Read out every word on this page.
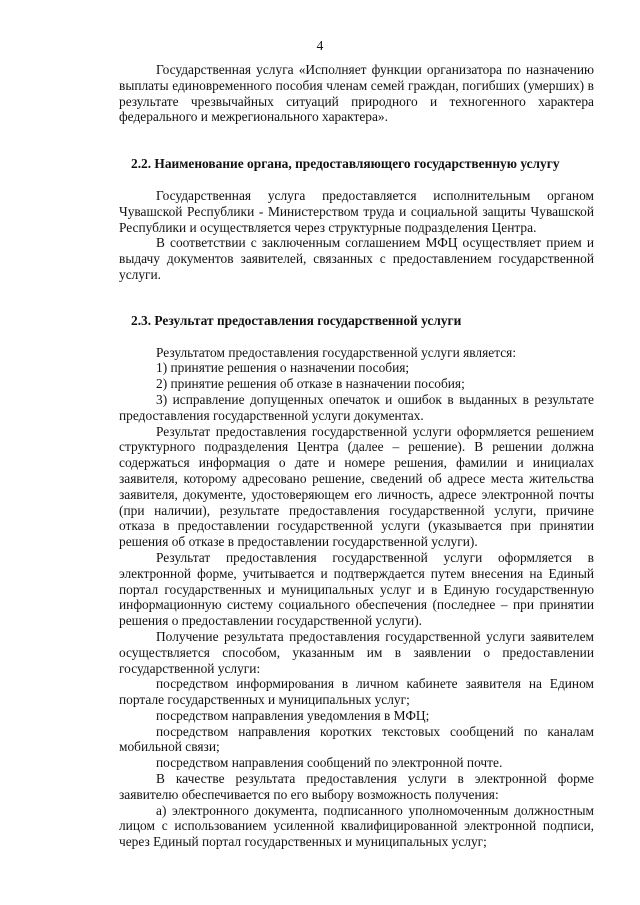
4

Государственная услуга «Исполняет функции организатора по назначению выплаты единовременного пособия членам семей граждан, погибших (умерших) в результате чрезвычайных ситуаций природного и техногенного характера федерального и межрегионального характера».

2.2. Наименование органа, предоставляющего государственную услугу

Государственная услуга предоставляется исполнительным органом Чувашской Республики - Министерством труда и социальной защиты Чувашской Республики и осуществляется через структурные подразделения Центра.

В соответствии с заключенным соглашением МФЦ осуществляет прием и выдачу документов заявителей, связанных с предоставлением государственной услуги.

2.3. Результат предоставления государственной услуги

Результатом предоставления государственной услуги является:

1) принятие решения о назначении пособия;

2) принятие решения об отказе в назначении пособия;

3) исправление допущенных опечаток и ошибок в выданных в результате предоставления государственной услуги документах.

Результат предоставления государственной услуги оформляется решением структурного подразделения Центра (далее – решение). В решении должна содержаться информация о дате и номере решения, фамилии и инициалах заявителя, которому адресовано решение, сведений об адресе места жительства заявителя, документе, удостоверяющем его личность, адресе электронной почты (при наличии), результате предоставления государственной услуги, причине отказа в предоставлении государственной услуги (указывается при принятии решения об отказе в предоставлении государственной услуги).

Результат предоставления государственной услуги оформляется в электронной форме, учитывается и подтверждается путем внесения на Единый портал государственных и муниципальных услуг и в Единую государственную информационную систему социального обеспечения (последнее – при принятии решения о предоставлении государственной услуги).

Получение результата предоставления государственной услуги заявителем осуществляется способом, указанным им в заявлении о предоставлении государственной услуги:

посредством информирования в личном кабинете заявителя на Едином портале государственных и муниципальных услуг;

посредством направления уведомления в МФЦ;

посредством направления коротких текстовых сообщений по каналам мобильной связи;

посредством направления сообщений по электронной почте.

В качестве результата предоставления услуги в электронной форме заявителю обеспечивается по его выбору возможность получения:

а) электронного документа, подписанного уполномоченным должностным лицом с использованием усиленной квалифицированной электронной подписи, через Единый портал государственных и муниципальных услуг;
